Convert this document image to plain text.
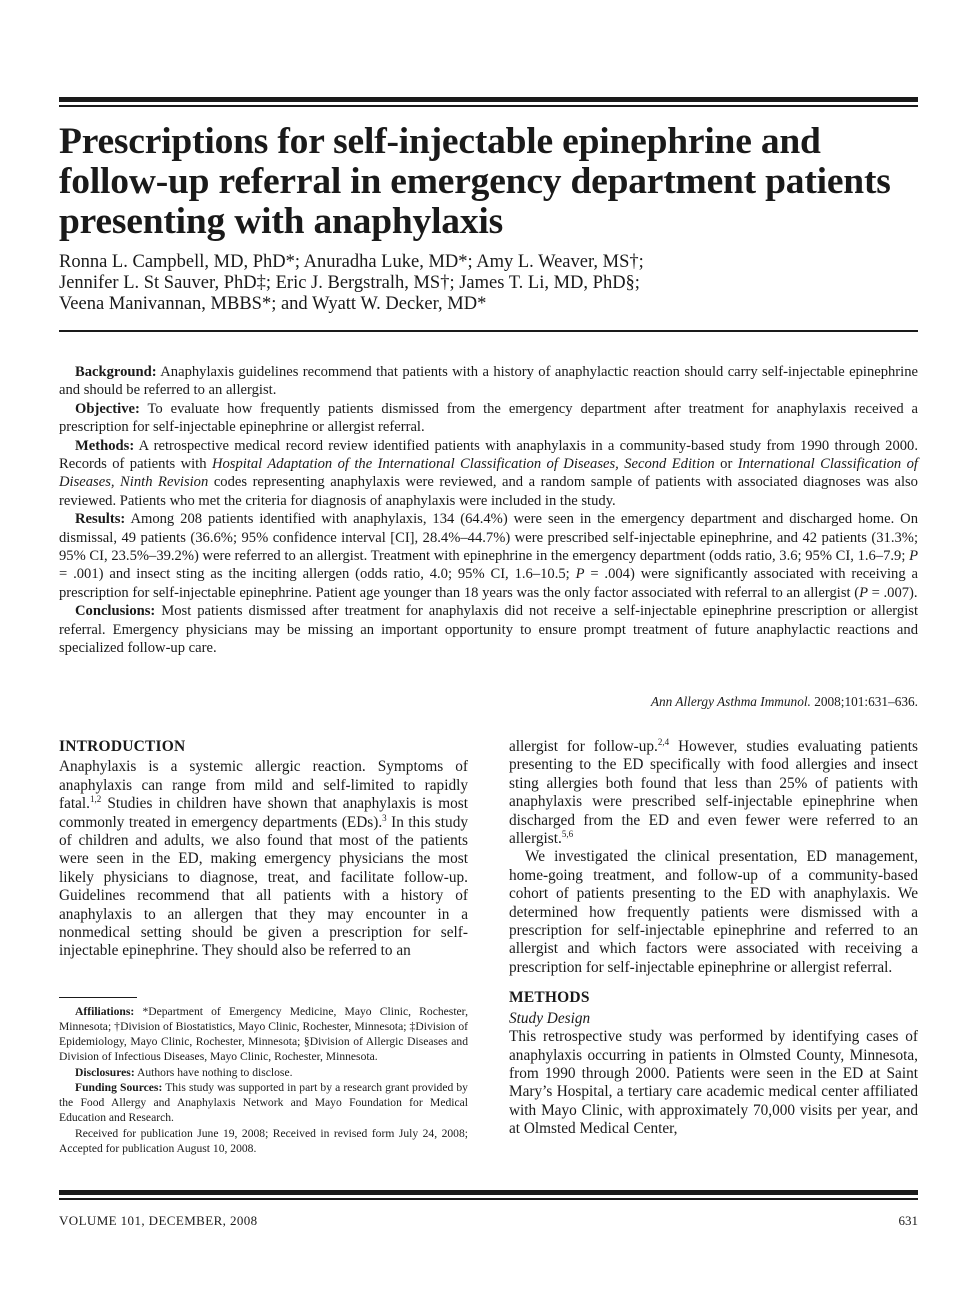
Prescriptions for self-injectable epinephrine and follow-up referral in emergency department patients presenting with anaphylaxis
Ronna L. Campbell, MD, PhD*; Anuradha Luke, MD*; Amy L. Weaver, MS†;
Jennifer L. St Sauver, PhD‡; Eric J. Bergstralh, MS†; James T. Li, MD, PhD§;
Veena Manivannan, MBBS*; and Wyatt W. Decker, MD*

Background: Anaphylaxis guidelines recommend that patients with a history of anaphylactic reaction should carry self-injectable epinephrine and should be referred to an allergist.

Objective: To evaluate how frequently patients dismissed from the emergency department after treatment for anaphylaxis received a prescription for self-injectable epinephrine or allergist referral.

Methods: A retrospective medical record review identified patients with anaphylaxis in a community-based study from 1990 through 2000. Records of patients with Hospital Adaptation of the International Classification of Diseases, Second Edition or International Classification of Diseases, Ninth Revision codes representing anaphylaxis were reviewed, and a random sample of patients with associated diagnoses was also reviewed. Patients who met the criteria for diagnosis of anaphylaxis were included in the study.

Results: Among 208 patients identified with anaphylaxis, 134 (64.4%) were seen in the emergency department and discharged home. On dismissal, 49 patients (36.6%; 95% confidence interval [CI], 28.4%–44.7%) were prescribed self-injectable epinephrine, and 42 patients (31.3%; 95% CI, 23.5%–39.2%) were referred to an allergist. Treatment with epinephrine in the emergency department (odds ratio, 3.6; 95% CI, 1.6–7.9; P = .001) and insect sting as the inciting allergen (odds ratio, 4.0; 95% CI, 1.6–10.5; P = .004) were significantly associated with receiving a prescription for self-injectable epinephrine. Patient age younger than 18 years was the only factor associated with referral to an allergist (P = .007).

Conclusions: Most patients dismissed after treatment for anaphylaxis did not receive a self-injectable epinephrine prescription or allergist referral. Emergency physicians may be missing an important opportunity to ensure prompt treatment of future anaphylactic reactions and specialized follow-up care.

Ann Allergy Asthma Immunol. 2008;101:631–636.
INTRODUCTION

Anaphylaxis is a systemic allergic reaction. Symptoms of anaphylaxis can range from mild and self-limited to rapidly fatal.$^{1,2}$ Studies in children have shown that anaphylaxis is most commonly treated in emergency departments (EDs).$^3$ In this study of children and adults, we also found that most of the patients were seen in the ED, making emergency physicians the most likely physicians to diagnose, treat, and facilitate follow-up. Guidelines recommend that all patients with a history of anaphylaxis to an allergen that they may encounter in a nonmedical setting should be given a prescription for self-injectable epinephrine. They should also be referred to an

Affiliations: *Department of Emergency Medicine, Mayo Clinic, Rochester, Minnesota; †Division of Biostatistics, Mayo Clinic, Rochester, Minnesota; ‡Division of Epidemiology, Mayo Clinic, Rochester, Minnesota; §Division of Allergic Diseases and Division of Infectious Diseases, Mayo Clinic, Rochester, Minnesota.

Disclosures: Authors have nothing to disclose.

Funding Sources: This study was supported in part by a research grant provided by the Food Allergy and Anaphylaxis Network and Mayo Foundation for Medical Education and Research.

Received for publication June 19, 2008; Received in revised form July 24, 2008; Accepted for publication August 10, 2008.

allergist for follow-up.$^{2,4}$ However, studies evaluating patients presenting to the ED specifically with food allergies and insect sting allergies both found that less than 25% of patients with anaphylaxis were prescribed self-injectable epinephrine when discharged from the ED and even fewer were referred to an allergist.$^{5,6}$

We investigated the clinical presentation, ED management, home-going treatment, and follow-up of a community-based cohort of patients presenting to the ED with anaphylaxis. We determined how frequently patients were dismissed with a prescription for self-injectable epinephrine and referred to an allergist and which factors were associated with receiving a prescription for self-injectable epinephrine or allergist referral.

METHODS
Study Design

This retrospective study was performed by identifying cases of anaphylaxis occurring in patients in Olmsted County, Minnesota, from 1990 through 2000. Patients were seen in the ED at Saint Mary’s Hospital, a tertiary care academic medical center affiliated with Mayo Clinic, with approximately 70,000 visits per year, and at Olmsted Medical Center,

VOLUME 101, DECEMBER, 2008	631
